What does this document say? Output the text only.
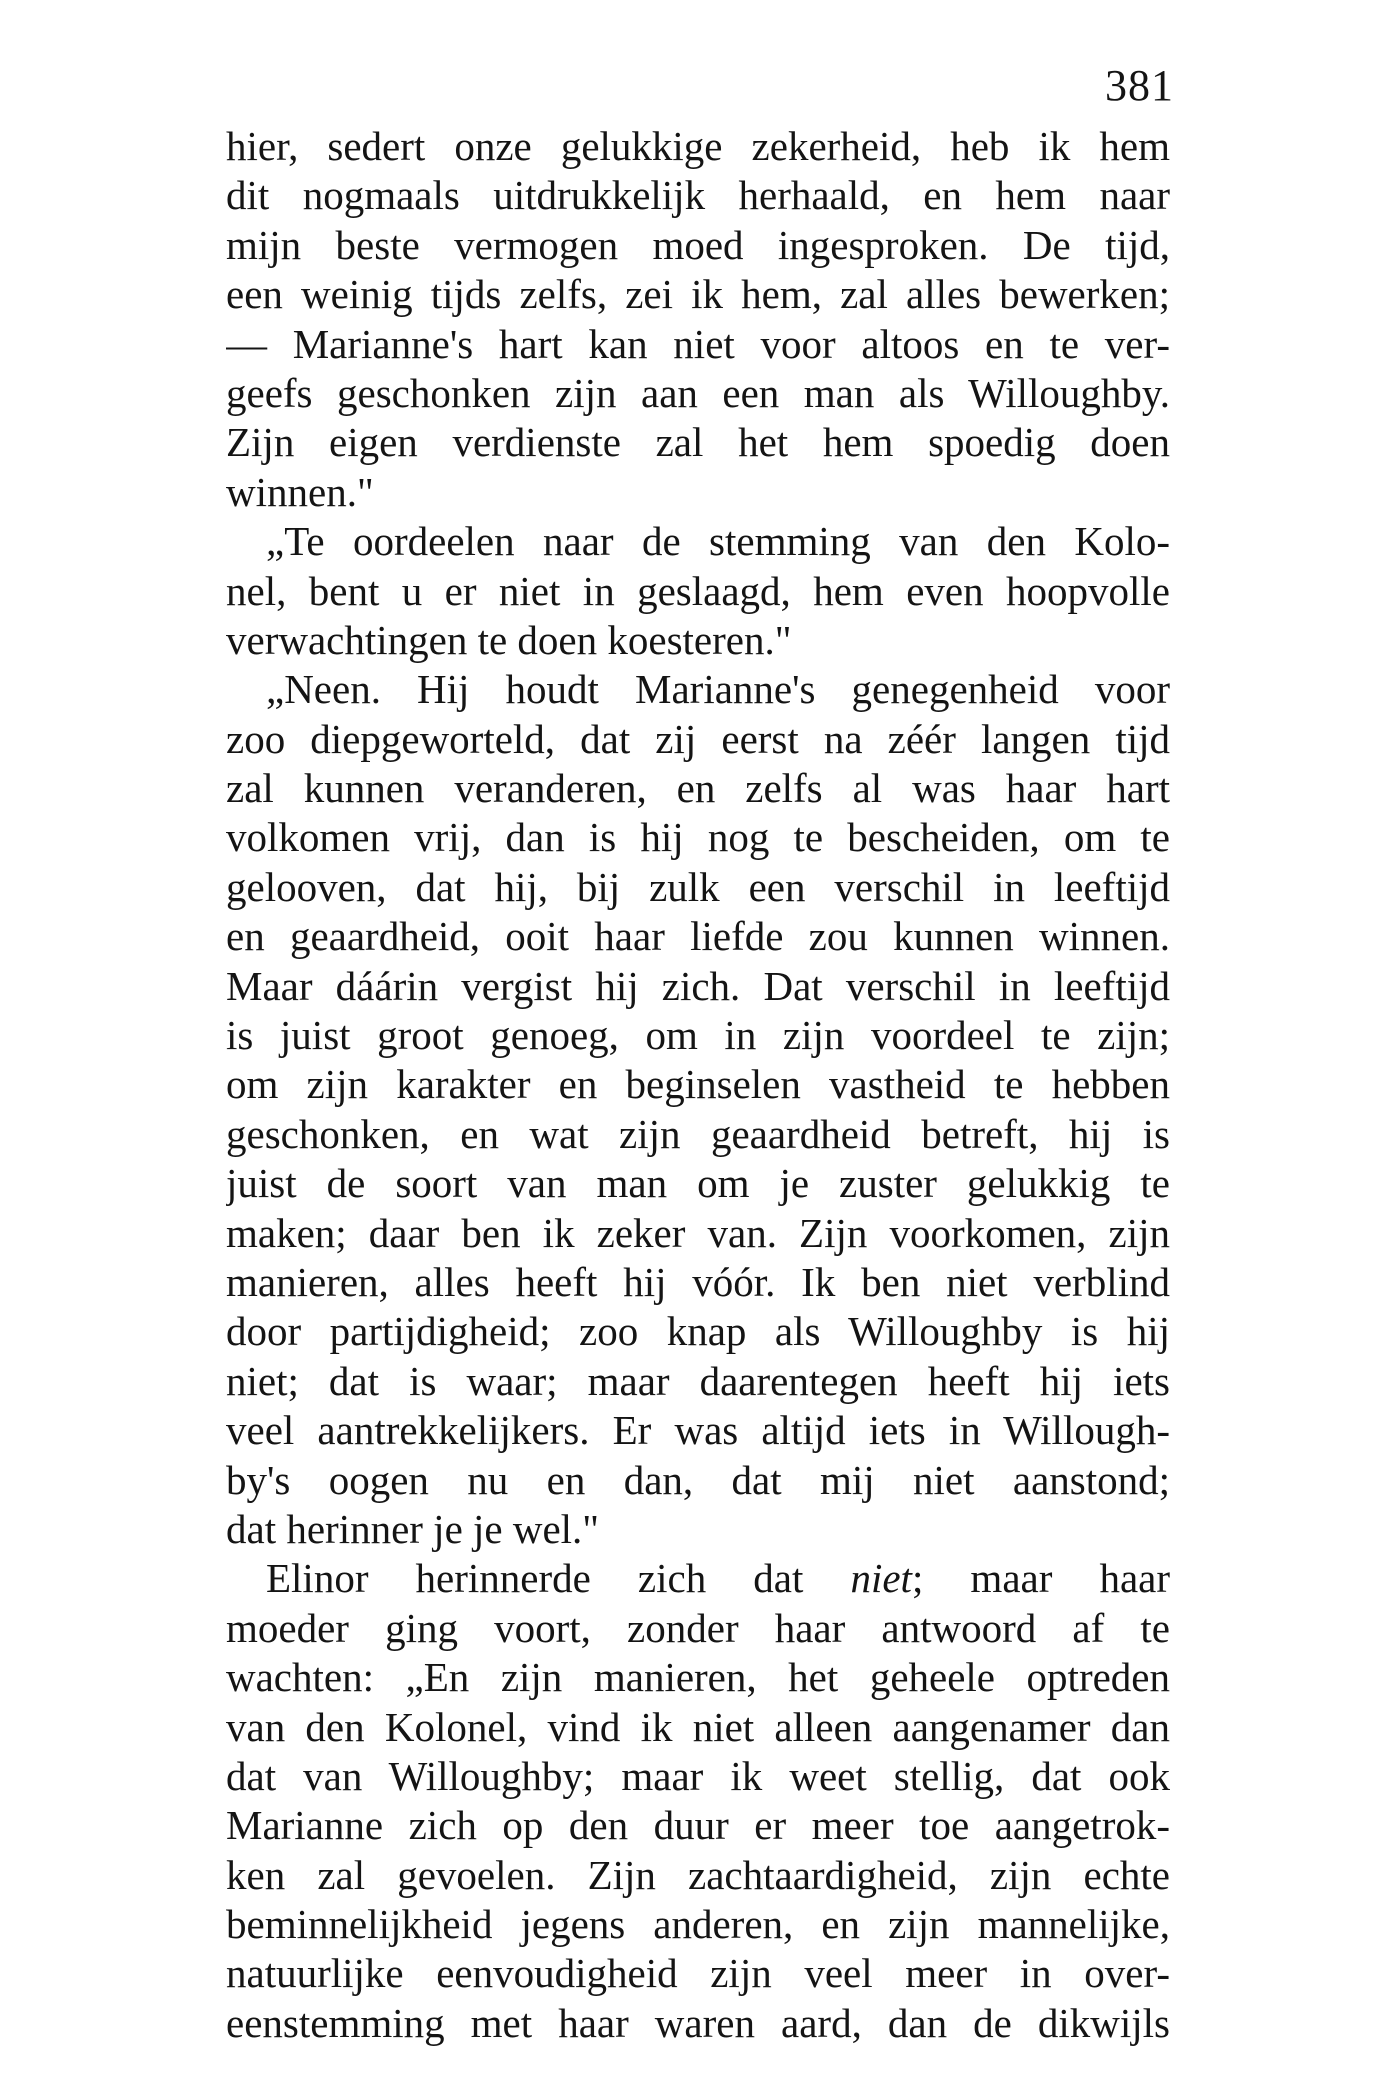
381
hier, sedert onze gelukkige zekerheid, heb ik hem
dit nogmaals uitdrukkelijk herhaald, en hem naar
mijn beste vermogen moed ingesproken. De tijd,
een weinig tijds zelfs, zei ik hem, zal alles bewerken;
— Marianne's hart kan niet voor altoos en te ver-
geefs geschonken zijn aan een man als Willoughby.
Zijn eigen verdienste zal het hem spoedig doen
winnen."
„Te oordeelen naar de stemming van den Kolo-
nel, bent u er niet in geslaagd, hem even hoopvolle
verwachtingen te doen koesteren."
„Neen. Hij houdt Marianne's genegenheid voor
zoo diepgeworteld, dat zij eerst na zéér langen tijd
zal kunnen veranderen, en zelfs al was haar hart
volkomen vrij, dan is hij nog te bescheiden, om te
gelooven, dat hij, bij zulk een verschil in leeftijd
en geaardheid, ooit haar liefde zou kunnen winnen.
Maar dáárin vergist hij zich. Dat verschil in leeftijd
is juist groot genoeg, om in zijn voordeel te zijn;
om zijn karakter en beginselen vastheid te hebben
geschonken, en wat zijn geaardheid betreft, hij is
juist de soort van man om je zuster gelukkig te
maken; daar ben ik zeker van. Zijn voorkomen, zijn
manieren, alles heeft hij vóór. Ik ben niet verblind
door partijdigheid; zoo knap als Willoughby is hij
niet; dat is waar; maar daarentegen heeft hij iets
veel aantrekkelijkers. Er was altijd iets in Willough-
by's oogen nu en dan, dat mij niet aanstond;
dat herinner je je wel."
Elinor herinnerde zich dat niet; maar haar
moeder ging voort, zonder haar antwoord af te
wachten: „En zijn manieren, het geheele optreden
van den Kolonel, vind ik niet alleen aangenamer dan
dat van Willoughby; maar ik weet stellig, dat ook
Marianne zich op den duur er meer toe aangetrok-
ken zal gevoelen. Zijn zachtaardigheid, zijn echte
beminnelijkheid jegens anderen, en zijn mannelijke,
natuurlijke eenvoudigheid zijn veel meer in over-
eenstemming met haar waren aard, dan de dikwijls
